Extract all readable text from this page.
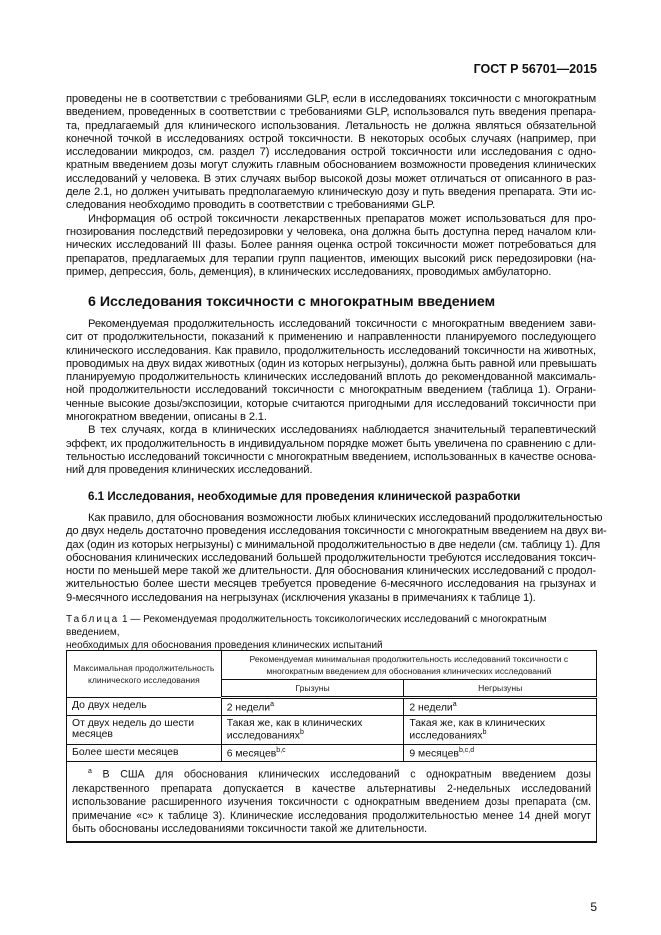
ГОСТ Р 56701—2015
проведены не в соответствии с требованиями GLP, если в исследованиях токсичности с многократным
введением, проведенных в соответствии с требованиями GLP, использовался путь введения препара-
та, предлагаемый для клинического использования. Летальность не должна являться обязательной
конечной точкой в исследованиях острой токсичности. В некоторых особых случаях (например, при
исследовании микродоз, см. раздел 7) исследования острой токсичности или исследования с одно-
кратным введением дозы могут служить главным обоснованием возможности проведения клинических
исследований у человека. В этих случаях выбор высокой дозы может отличаться от описанного в раз-
деле 2.1, но должен учитывать предполагаемую клиническую дозу и путь введения препарата. Эти ис-
следования необходимо проводить в соответствии с требованиями GLP.
Информация об острой токсичности лекарственных препаратов может использоваться для про-
гнозирования последствий передозировки у человека, она должна быть доступна перед началом кли-
нических исследований III фазы. Более ранняя оценка острой токсичности может потребоваться для
препаратов, предлагаемых для терапии групп пациентов, имеющих высокий риск передозировки (на-
пример, депрессия, боль, деменция), в клинических исследованиях, проводимых амбулаторно.
6 Исследования токсичности с многократным введением
Рекомендуемая продолжительность исследований токсичности с многократным введением зави-
сит от продолжительности, показаний к применению и направленности планируемого последующего
клинического исследования. Как правило, продолжительность исследований токсичности на животных,
проводимых на двух видах животных (один из которых негрызуны), должна быть равной или превышать
планируемую продолжительность клинических исследований вплоть до рекомендованной максималь-
ной продолжительности исследований токсичности с многократным введением (таблица 1). Ограни-
ченные высокие дозы/экспозиции, которые считаются пригодными для исследований токсичности при
многократном введении, описаны в 2.1.
В тех случаях, когда в клинических исследованиях наблюдается значительный терапевтический
эффект, их продолжительность в индивидуальном порядке может быть увеличена по сравнению с дли-
тельностью исследований токсичности с многократным введением, использованных в качестве основа-
ний для проведения клинических исследований.
6.1 Исследования, необходимые для проведения клинической разработки
Как правило, для обоснования возможности любых клинических исследований продолжительностью
до двух недель достаточно проведения исследования токсичности с многократным введением на двух ви-
дах (один из которых негрызуны) с минимальной продолжительностью в две недели (см. таблицу 1). Для
обоснования клинических исследований большей продолжительности требуются исследования токсич-
ности по меньшей мере такой же длительности. Для обоснования клинических исследований с продол-
жительностью более шести месяцев требуется проведение 6-месячного исследования на грызунах и
9-месячного исследования на негрызунах (исключения указаны в примечаниях к таблице 1).
Таблица 1 — Рекомендуемая продолжительность токсикологических исследований с многократным введением,
необходимых для обоснования проведения клинических испытаний
Максимальная продолжительность клинического исследования	Рекомендуемая минимальная продолжительность исследований токсичности с многократным введением для обоснования клинических исследований	
	Грызуны	Негрызуны
До двух недель	2 недели$^a$	2 недели$^a$
От двух недель до шести месяцев	Такая же, как в клинических исследованиях$^b$	Такая же, как в клинических исследованиях$^b$
Более шести месяцев	6 месяцев$^{b,c}$	9 месяцев$^{b,c,d}$
$^a$ В США для обоснования клинических исследований с однократным введением дозы лекарственного препарата допускается в качестве альтернативы 2-недельных исследований использование расширенного изучения токсичности с однократным введением дозы препарата (см. примечание «c» к таблице 3). Клинические исследования продолжительностью менее 14 дней могут быть обоснованы исследованиями токсичности такой же длительности.		
5
